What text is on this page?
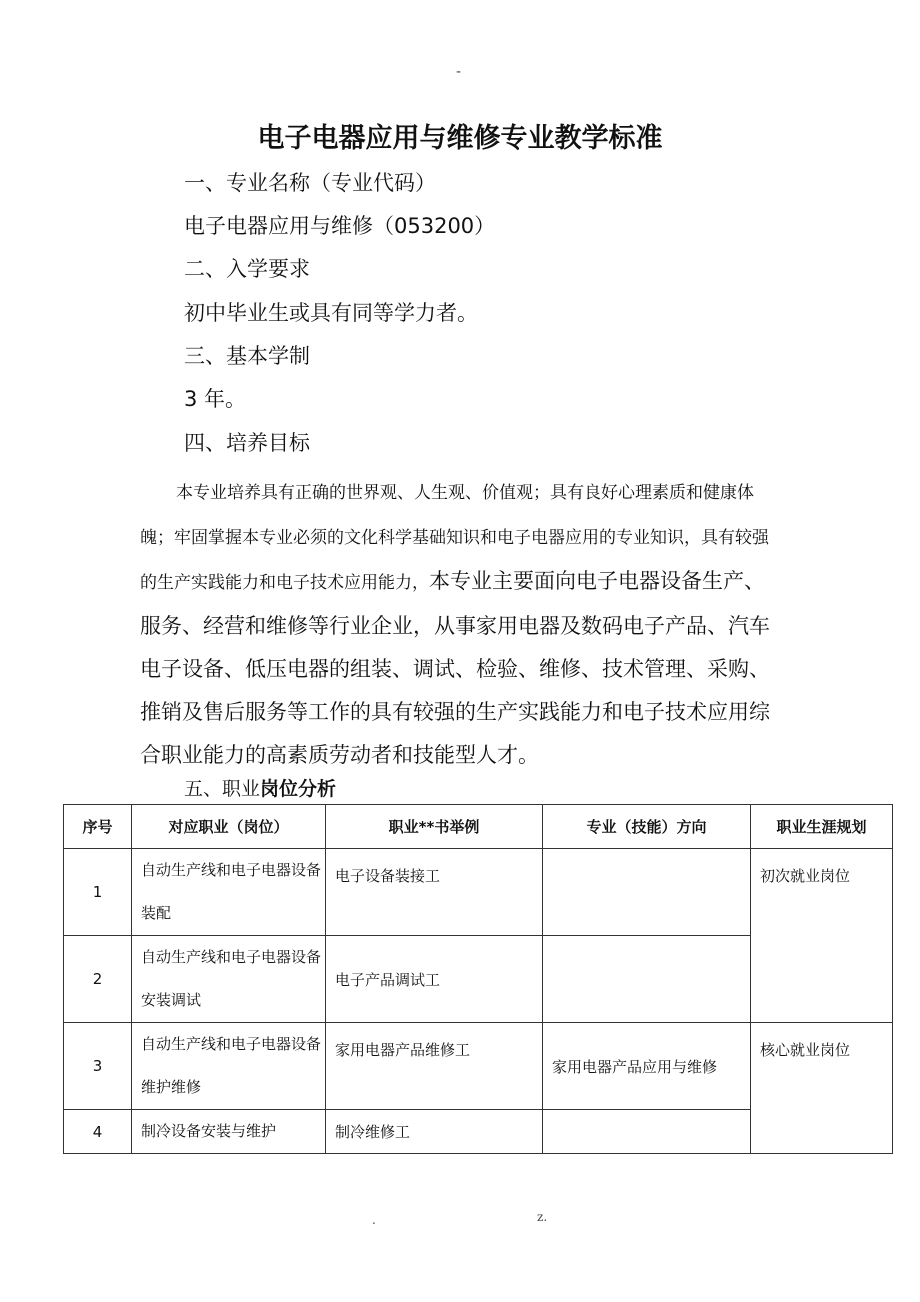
-
电子电器应用与维修专业教学标准
一、专业名称（专业代码）
电子电器应用与维修（053200）
二、入学要求
初中毕业生或具有同等学力者。
三、基本学制
3 年。
四、培养目标
本专业培养具有正确的世界观、人生观、价值观；具有良好心理素质和健康体魄；牢固掌握本专业必须的文化科学基础知识和电子电器应用的专业知识，具有较强的生产实践能力和电子技术应用能力，本专业主要面向电子电器设备生产、服务、经营和维修等行业企业，从事家用电器及数码电子产品、汽车电子设备、低压电器的组装、调试、检验、维修、技术管理、采购、推销及售后服务等工作的具有较强的生产实践能力和电子技术应用综合职业能力的高素质劳动者和技能型人才。
五、职业岗位分析
序号	对应职业（岗位）	职业**书举例	专业（技能）方向	职业生涯规划
1	自动生产线和电子电器设备装配	电子设备装接工		初次就业岗位
2	自动生产线和电子电器设备安装调试	电子产品调试工		
3	自动生产线和电子电器设备维护维修	家用电器产品维修工	家用电器产品应用与维修	核心就业岗位
4	制冷设备安装与维护	制冷维修工		
.	z.
